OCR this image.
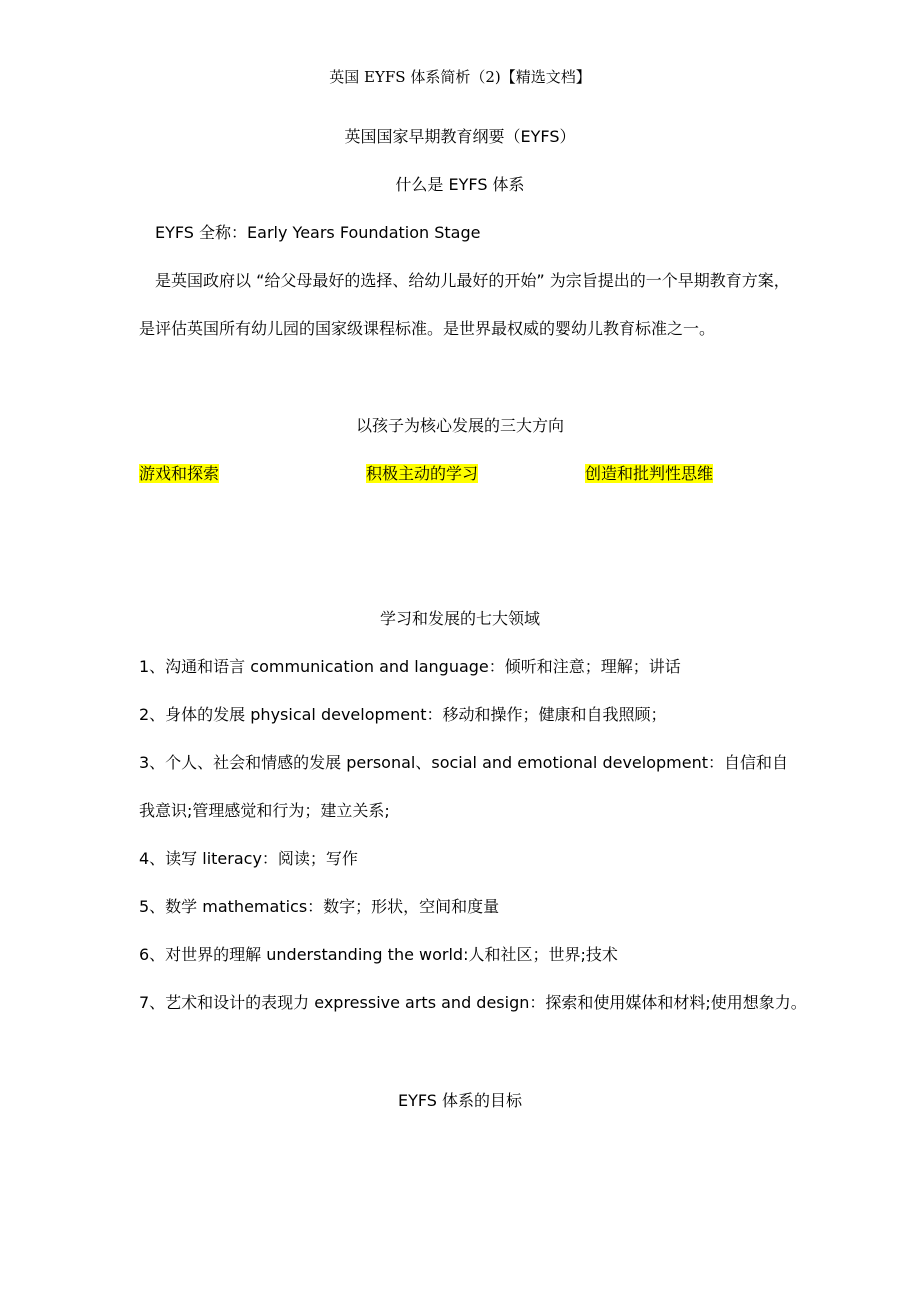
英国 EYFS 体系简析（2)【精选文档】
英国国家早期教育纲要（EYFS）
什么是 EYFS 体系
EYFS 全称：Early Years Foundation Stage
是英国政府以 “给父母最好的选择、给幼儿最好的开始” 为宗旨提出的一个早期教育方案，
是评估英国所有幼儿园的国家级课程标准。是世界最权威的婴幼儿教育标准之一。
以孩子为核心发展的三大方向
游戏和探索	积极主动的学习	创造和批判性思维
学习和发展的七大领域
1、沟通和语言 communication and language：倾听和注意；理解；讲话
2、身体的发展 physical development：移动和操作；健康和自我照顾；
3、个人、社会和情感的发展 personal、social and emotional development：自信和自
我意识;管理感觉和行为；建立关系;
4、读写 literacy：阅读；写作
5、数学 mathematics：数字；形状，空间和度量
6、对世界的理解 understanding the world:人和社区；世界;技术
7、艺术和设计的表现力 expressive arts and design：探索和使用媒体和材料;使用想象力。
EYFS 体系的目标
